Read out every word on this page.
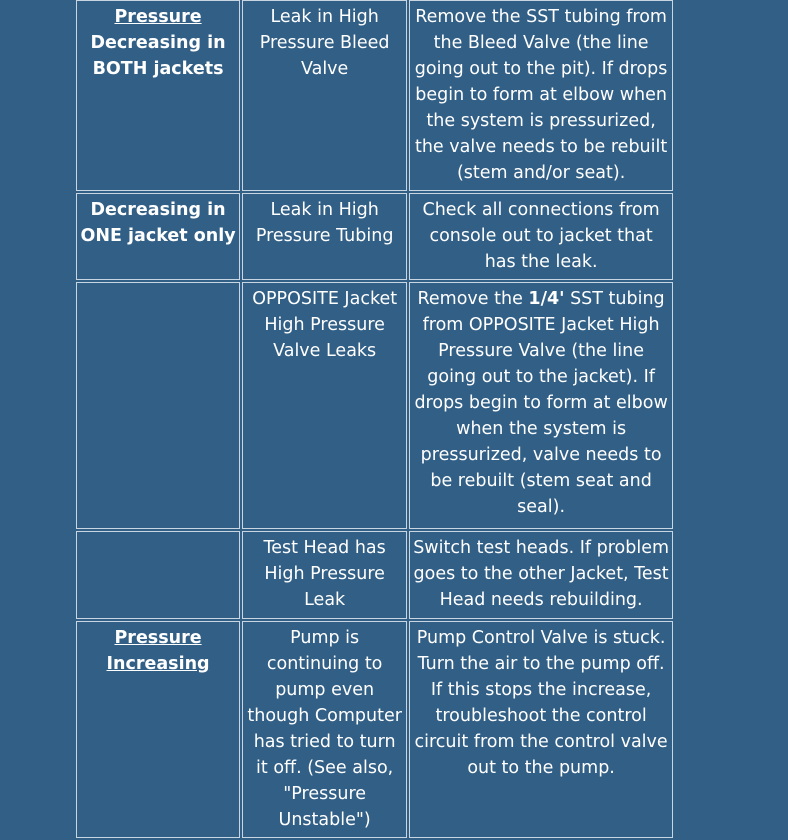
Pressure
Decreasing in BOTH jackets	Leak in High Pressure Bleed Valve	Remove the SST tubing from the Bleed Valve (the line going out to the pit). If drops begin to form at elbow when the system is pressurized, the valve needs to be rebuilt (stem and/or seat).
Decreasing in ONE jacket only	Leak in High Pressure Tubing	Check all connections from console out to jacket that has the leak.
	OPPOSITE Jacket High Pressure Valve Leaks	Remove the 1/4' SST tubing from OPPOSITE Jacket High Pressure Valve (the line going out to the jacket). If drops begin to form at elbow when the system is pressurized, valve needs to be rebuilt (stem seat and seal).
	Test Head has High Pressure Leak	Switch test heads. If problem goes to the other Jacket, Test Head needs rebuilding.
Pressure Increasing	Pump is continuing to pump even though Computer has tried to turn it off. (See also, "Pressure Unstable")	Pump Control Valve is stuck. Turn the air to the pump off. If this stops the increase, troubleshoot the control circuit from the control valve out to the pump.
